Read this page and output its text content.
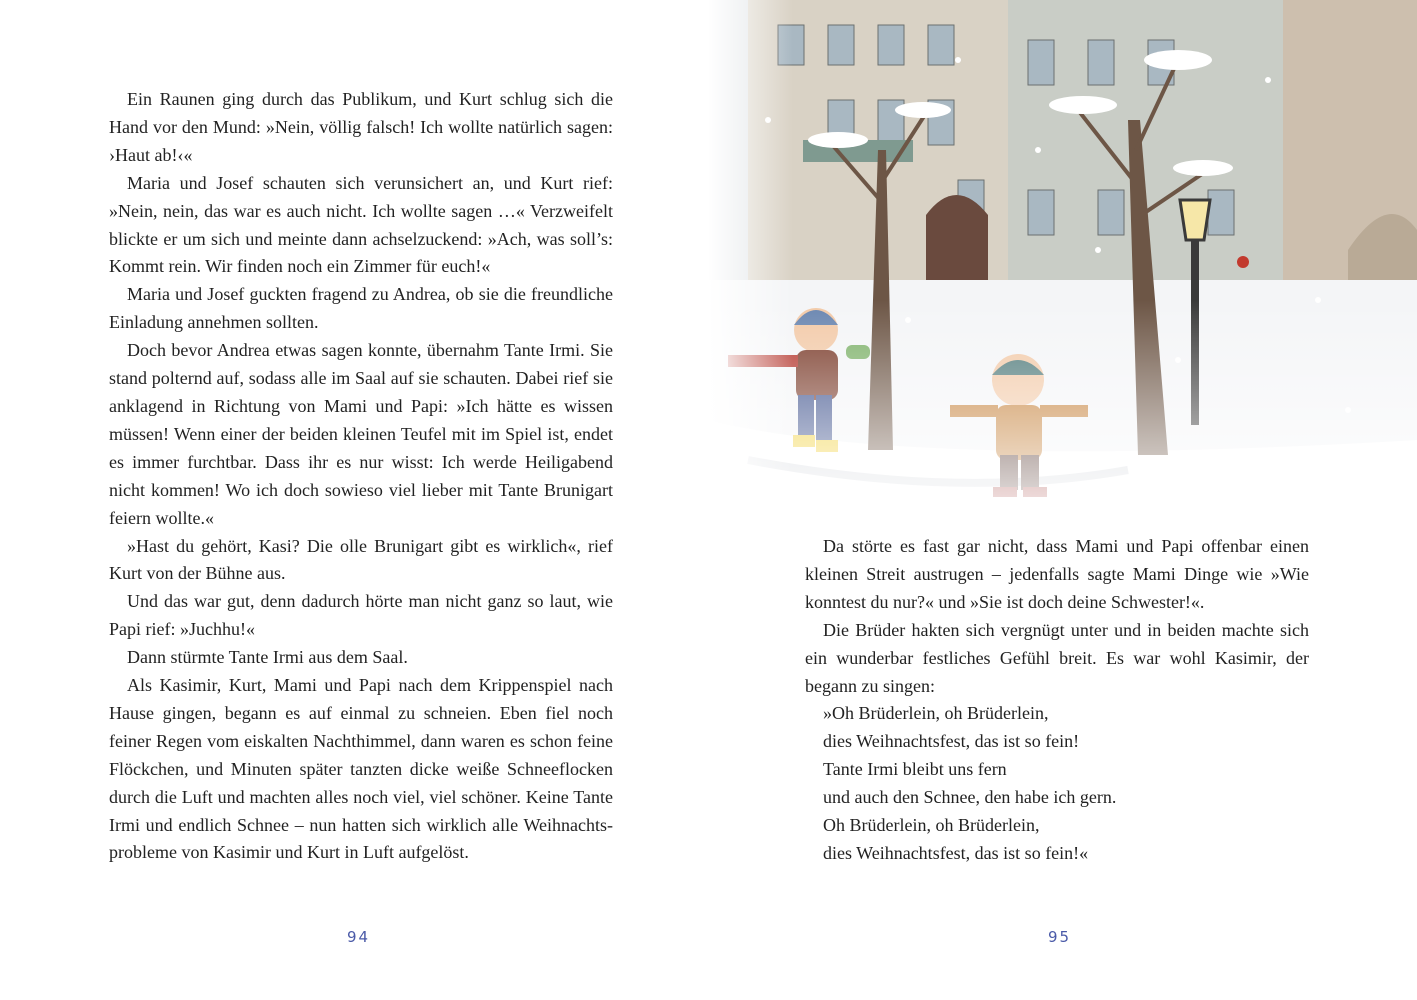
Ein Raunen ging durch das Publikum, und Kurt schlug sich die Hand vor den Mund: »Nein, völlig falsch! Ich wollte natürlich sagen: ›Haut ab!‹«

Maria und Josef schauten sich verunsichert an, und Kurt rief: »Nein, nein, das war es auch nicht. Ich wollte sagen …« Verzweifelt blickte er um sich und meinte dann achselzuckend: »Ach, was soll’s: Kommt rein. Wir finden noch ein Zimmer für euch!«

Maria und Josef guckten fragend zu Andrea, ob sie die freundliche Einladung annehmen sollten.

Doch bevor Andrea etwas sagen konnte, übernahm Tante Irmi. Sie stand polternd auf, sodass alle im Saal auf sie schauten. Dabei rief sie anklagend in Richtung von Mami und Papi: »Ich hätte es wissen müssen! Wenn einer der beiden kleinen Teufel mit im Spiel ist, endet es immer furchtbar. Dass ihr es nur wisst: Ich werde Heiligabend nicht kommen! Wo ich doch sowieso viel lieber mit Tante Brunigart feiern wollte.«

»Hast du gehört, Kasi? Die olle Brunigart gibt es wirklich«, rief Kurt von der Bühne aus.

Und das war gut, denn dadurch hörte man nicht ganz so laut, wie Papi rief: »Juchhu!«

Dann stürmte Tante Irmi aus dem Saal.

Als Kasimir, Kurt, Mami und Papi nach dem Krippenspiel nach Hause gingen, begann es auf einmal zu schneien. Eben fiel noch feiner Regen vom eiskalten Nachthimmel, dann waren es schon feine Flöckchen, und Minuten später tanzten dicke weiße Schneeflocken durch die Luft und machten alles noch viel, viel schöner. Keine Tante Irmi und endlich Schnee – nun hatten sich wirklich alle Weihnachtsprobleme von Kasimir und Kurt in Luft aufgelöst.

94

Da störte es fast gar nicht, dass Mami und Papi offenbar einen kleinen Streit austrugen – jedenfalls sagte Mami Dinge wie »Wie konntest du nur?« und »Sie ist doch deine Schwester!«.

Die Brüder hakten sich vergnügt unter und in beiden machte sich ein wunderbar festliches Gefühl breit. Es war wohl Kasimir, der begann zu singen:

»Oh Brüderlein, oh Brüderlein,
dies Weihnachtsfest, das ist so fein!
Tante Irmi bleibt uns fern
und auch den Schnee, den habe ich gern.
Oh Brüderlein, oh Brüderlein,
dies Weihnachtsfest, das ist so fein!«
95
